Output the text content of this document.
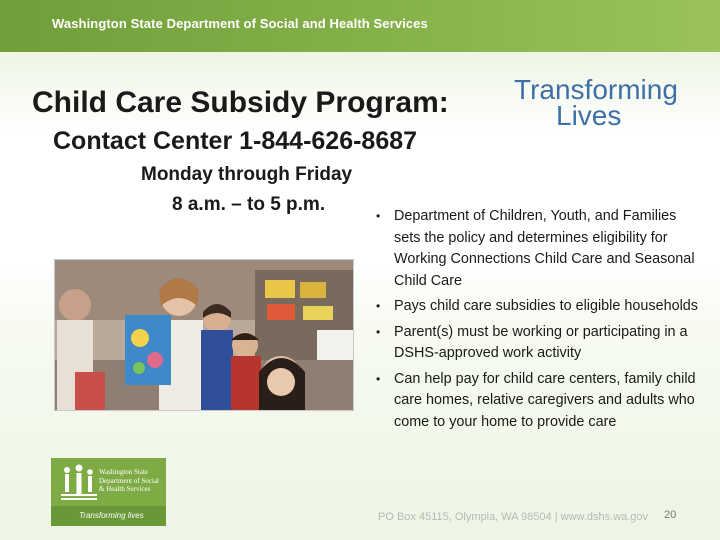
Washington State Department of Social and Health Services
Child Care Subsidy Program:
Contact Center 1-844-626-8687
Monday through Friday
8 a.m. – to 5 p.m.
Transforming
Lives
• Department of Children, Youth, and Families sets the policy and determines eligibility for Working Connections Child Care and Seasonal Child Care
• Pays child care subsidies to eligible households
• Parent(s) must be working or participating in a DSHS-approved work activity
• Can help pay for child care centers, family child care homes, relative caregivers and adults who come to your home to provide care
Washington State
Department of Social
& Health Services
Transforming lives	PO Box 45115, Olympia, WA 98504 | www.dshs.wa.gov 20
